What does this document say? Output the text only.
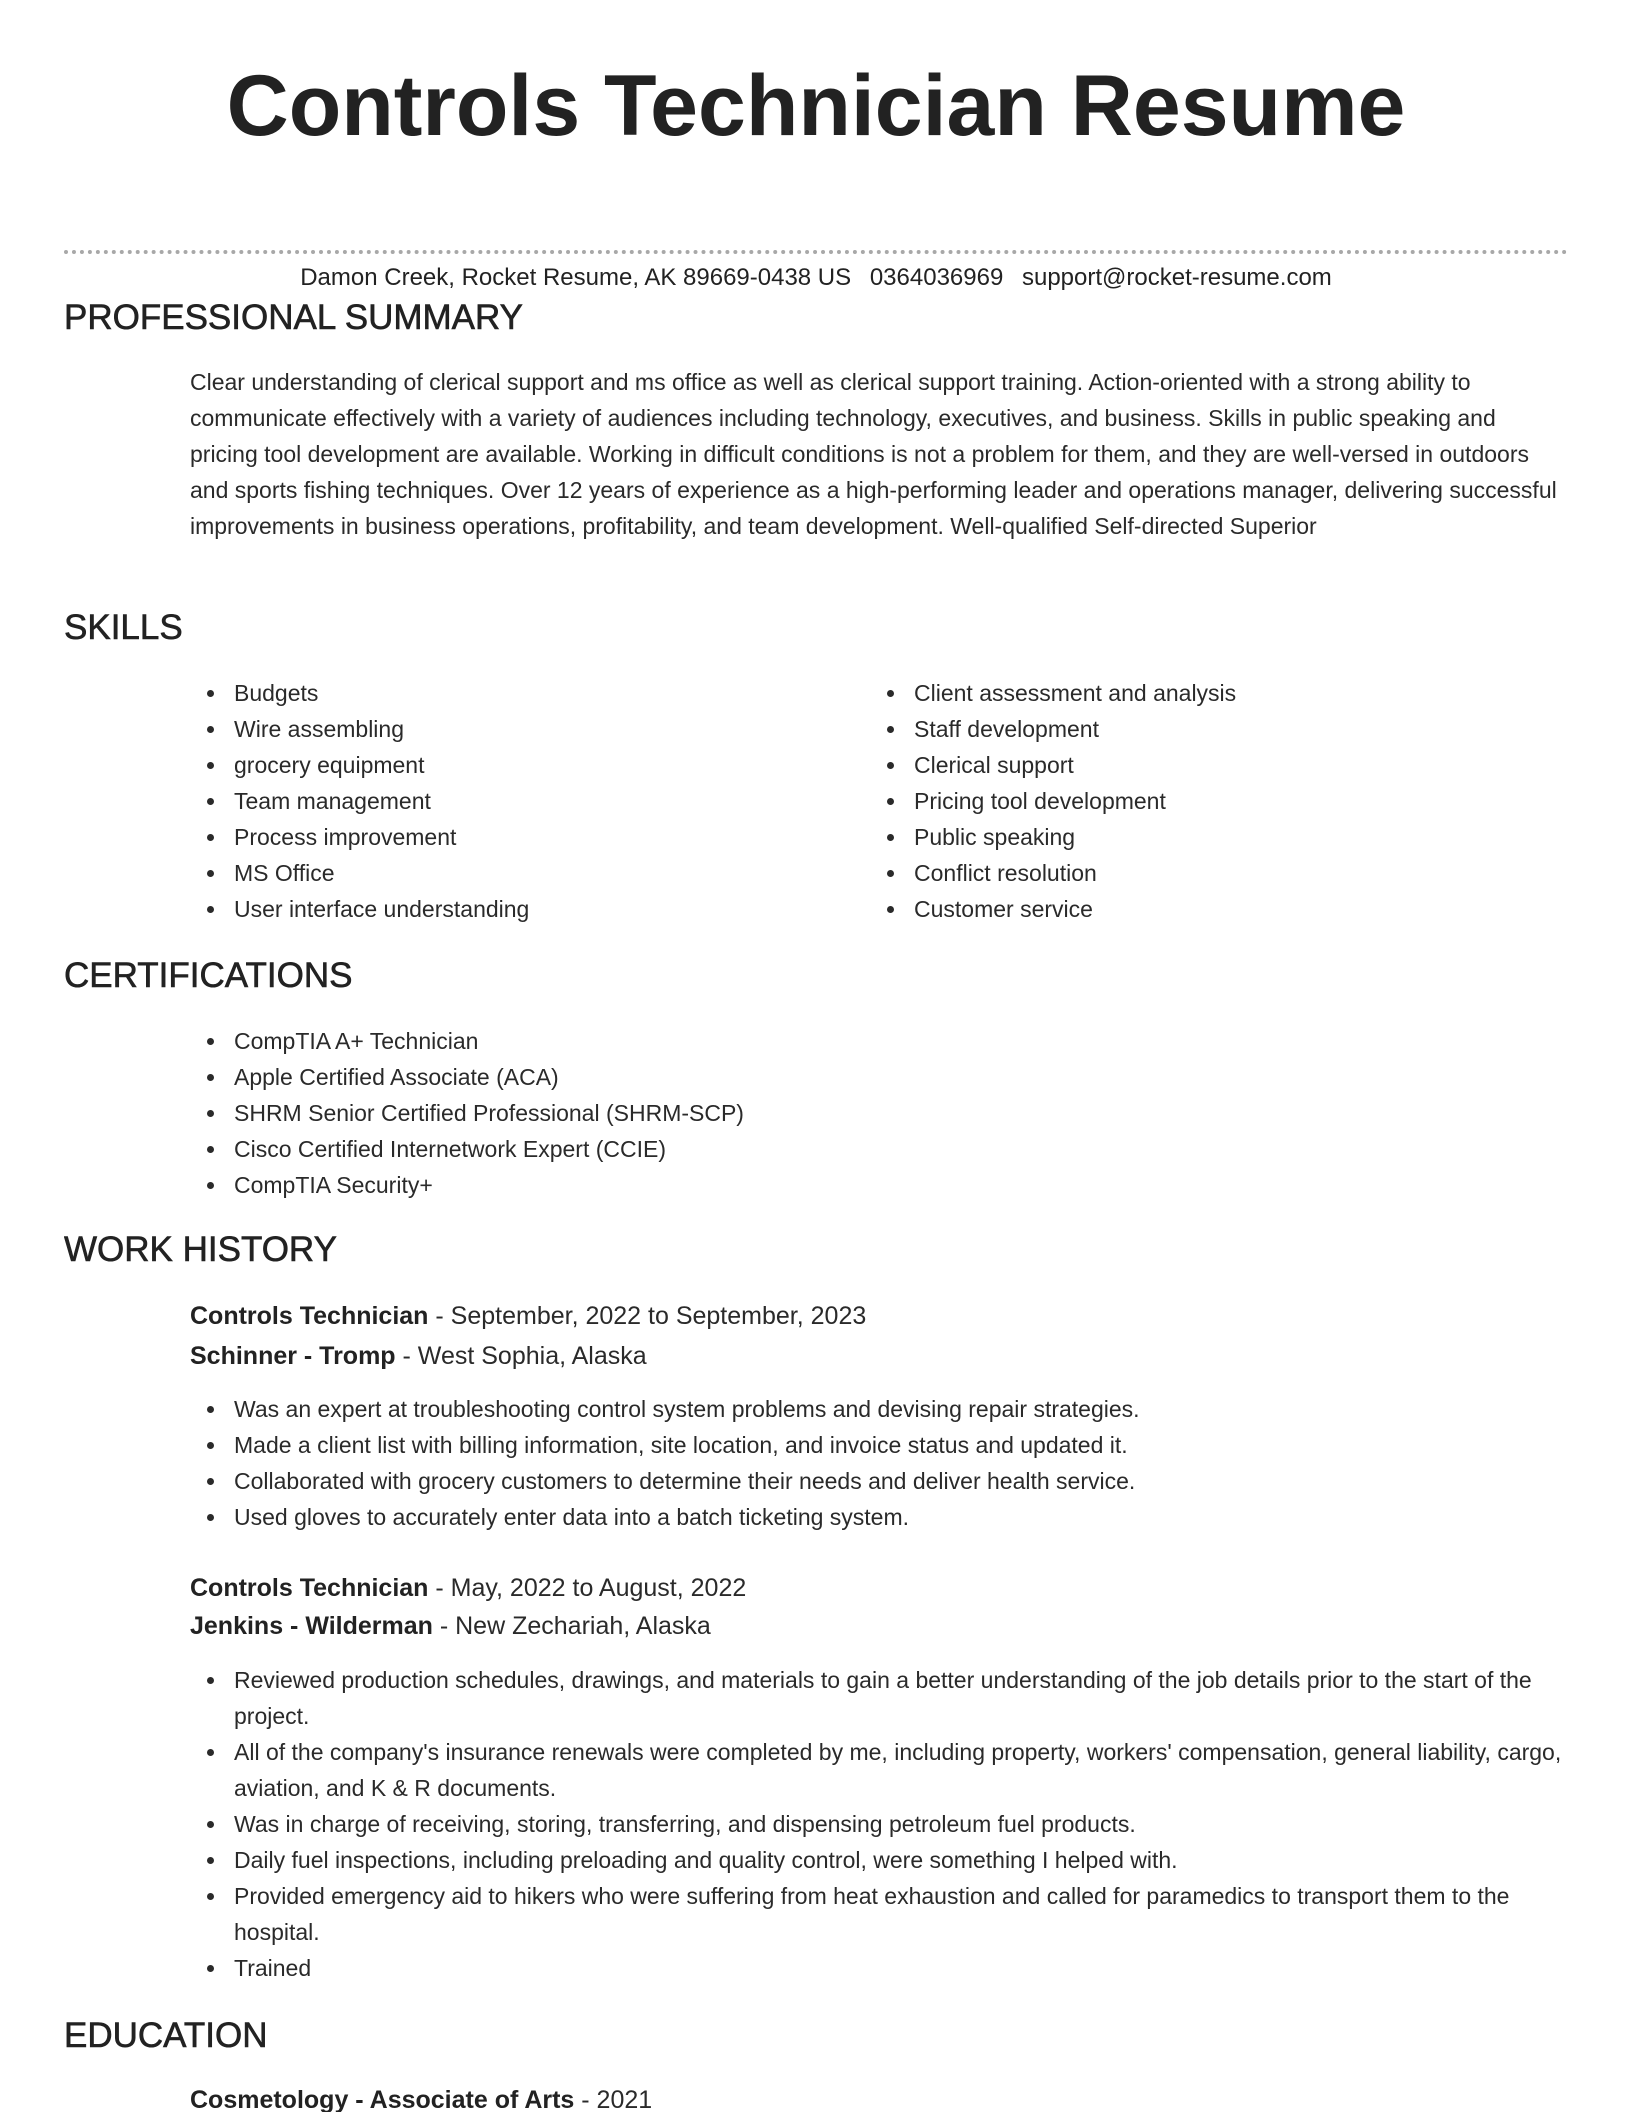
Controls Technician Resume
Damon Creek, Rocket Resume, AK 89669-0438 US 0364036969 support@rocket-resume.com
PROFESSIONAL SUMMARY

Clear understanding of clerical support and ms office as well as clerical support training. Action-oriented with a strong ability to communicate effectively with a variety of audiences including technology, executives, and business. Skills in public speaking and pricing tool development are available. Working in difficult conditions is not a problem for them, and they are well-versed in outdoors and sports fishing techniques. Over 12 years of experience as a high-performing leader and operations manager, delivering successful improvements in business operations, profitability, and team development. Well-qualified Self-directed Superior

SKILLS
Budgets
Wire assembling
grocery equipment
Team management
Process improvement
MS Office
User interface understanding
Client assessment and analysis
Staff development
Clerical support
Pricing tool development
Public speaking
Conflict resolution
Customer service
CERTIFICATIONS
CompTIA A+ Technician
Apple Certified Associate (ACA)
SHRM Senior Certified Professional (SHRM-SCP)
Cisco Certified Internetwork Expert (CCIE)
CompTIA Security+
WORK HISTORY
Controls Technician - September, 2022 to September, 2023
Schinner - Tromp - West Sophia, Alaska
Was an expert at troubleshooting control system problems and devising repair strategies.
Made a client list with billing information, site location, and invoice status and updated it.
Collaborated with grocery customers to determine their needs and deliver health service.
Used gloves to accurately enter data into a batch ticketing system.
Controls Technician - May, 2022 to August, 2022
Jenkins - Wilderman - New Zechariah, Alaska
Reviewed production schedules, drawings, and materials to gain a better understanding of the job details prior to the start of the project.
All of the company's insurance renewals were completed by me, including property, workers' compensation, general liability, cargo, aviation, and K & R documents.
Was in charge of receiving, storing, transferring, and dispensing petroleum fuel products.
Daily fuel inspections, including preloading and quality control, were something I helped with.
Provided emergency aid to hikers who were suffering from heat exhaustion and called for paramedics to transport them to the hospital.
Trained
EDUCATION
Cosmetology - Associate of Arts - 2021
